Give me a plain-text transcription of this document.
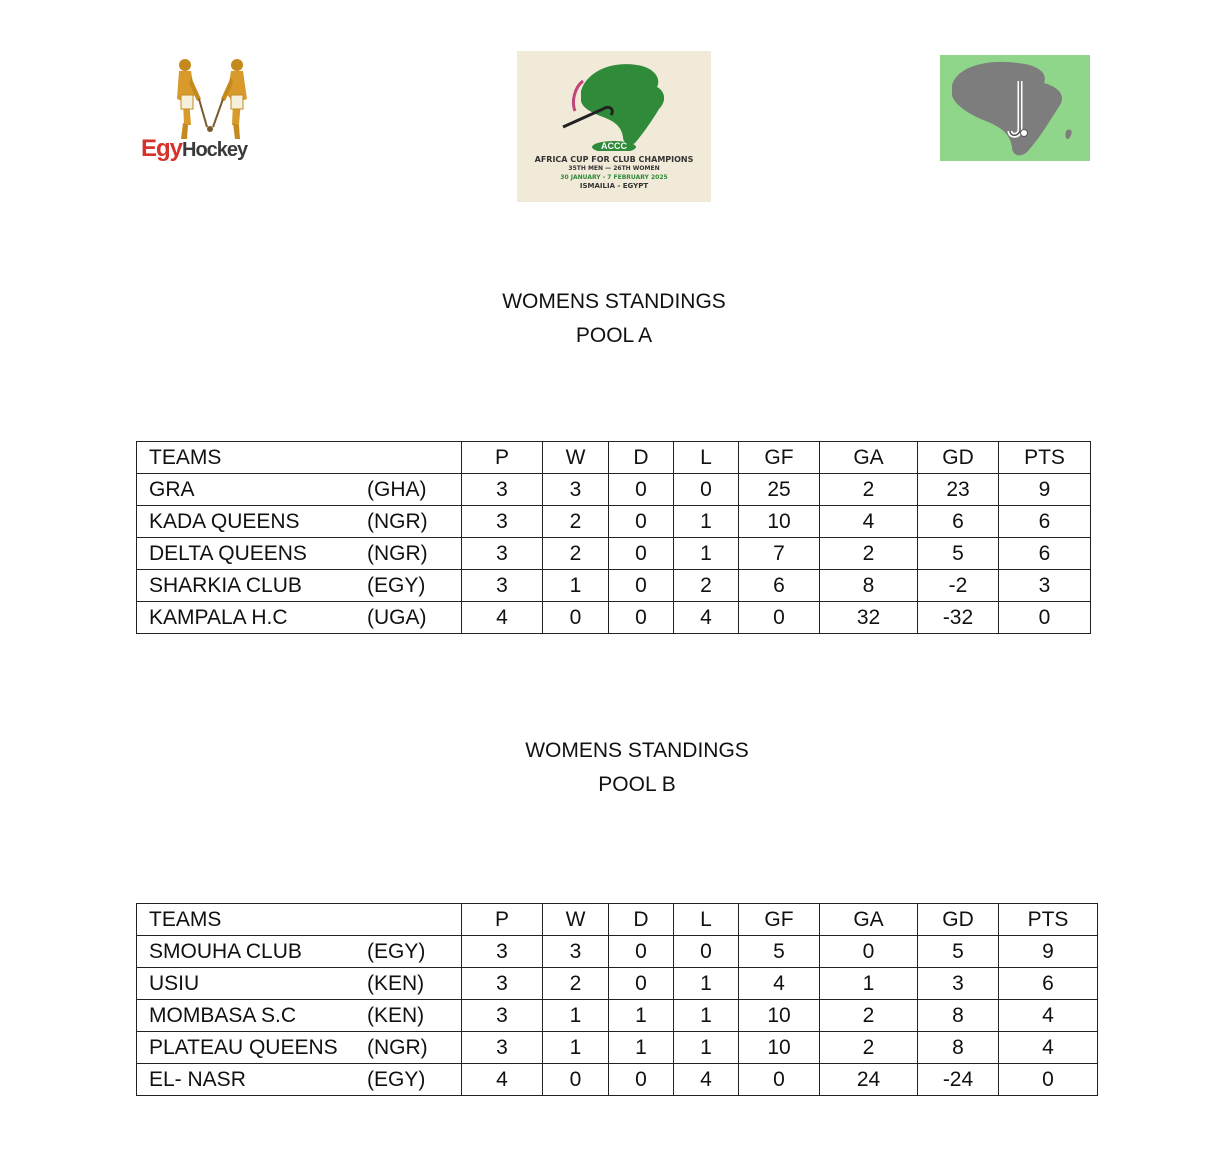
EgyHockey	ACCC
AFRICA CUP FOR CLUB CHAMPIONS
35TH MEN — 26TH WOMEN
30 JANUARY - 7 FEBRUARY 2025
ISMAILIA - EGYPT
WOMENS STANDINGS
POOL A
TEAMS	P	W	D	L	GF	GA	GD	PTS
GRA (GHA)	3	3	0	0	25	2	23	9
KADA QUEENS (NGR)	3	2	0	1	10	4	6	6
DELTA QUEENS (NGR)	3	2	0	1	7	2	5	6
SHARKIA CLUB (EGY)	3	1	0	2	6	8	-2	3
KAMPALA H.C (UGA)	4	0	0	4	0	32	-32	0
WOMENS STANDINGS
POOL B
TEAMS	P	W	D	L	GF	GA	GD	PTS
SMOUHA CLUB (EGY)	3	3	0	0	5	0	5	9
USIU (KEN)	3	2	0	1	4	1	3	6
MOMBASA S.C (KEN)	3	1	1	1	10	2	8	4
PLATEAU QUEENS (NGR)	3	1	1	1	10	2	8	4
EL- NASR (EGY)	4	0	0	4	0	24	-24	0
